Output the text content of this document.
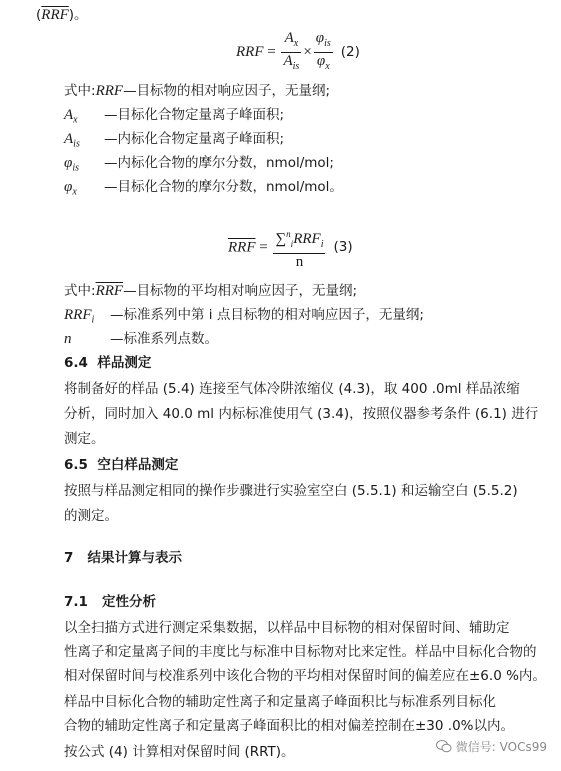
$(\overline{RRF})$。
RRF = $\frac{A_x}{A_{is}} \times \frac{\varphi_{is}}{\varphi_x} (2)$
式中:RRF—目标物的相对响应因子，无量纲;
$A_x$ —目标化合物定量离子峰面积;
$A_{is}$ —内标化合物定量离子峰面积;
$\varphi_{is}$ —内标化合物的摩尔分数，nmol/mol;
$\varphi_x$ —目标化合物的摩尔分数，nmol/mol。
$\overline{RRF} = \frac{\sum^n_iRRF_i}{n} (3)$
式中$:\overline{RRF}—$目标物的平均相对响应因子，无量纲;
$RRF_i$ —标准系列中第 i 点目标物的相对响应因子，无量纲;
n	—标准系列点数。
6.4 样品测定
将制备好的样品 (5.4) 连接至气体冷阱浓缩仪 (4.3)，取 400 .0ml 样品浓缩
分析，同时加入 40.0 ml 内标标准使用气 (3.4)，按照仪器参考条件 (6.1) 进行
测定。
6.5 空白样品测定
按照与样品测定相同的操作步骤进行实验室空白 (5.5.1) 和运输空白 (5.5.2)
的测定。
7 结果计算与表示
7.1 定性分析
以全扫描方式进行测定采集数据，以样品中目标物的相对保留时间、辅助定
性离子和定量离子间的丰度比与标准中目标物对比来定性。样品中目标化合物的
相对保留时间与校准系列中该化合物的平均相对保留时间的偏差应在±6.0 %内。
样品中目标化合物的辅助定性离子和定量离子峰面积比与标准系列目标化
合物的辅助定性离子和定量离子峰面积比的相对偏差控制在±30 .0%以内。
按公式 (4) 计算相对保留时间 (RRT)。	微信号: VOCs99
